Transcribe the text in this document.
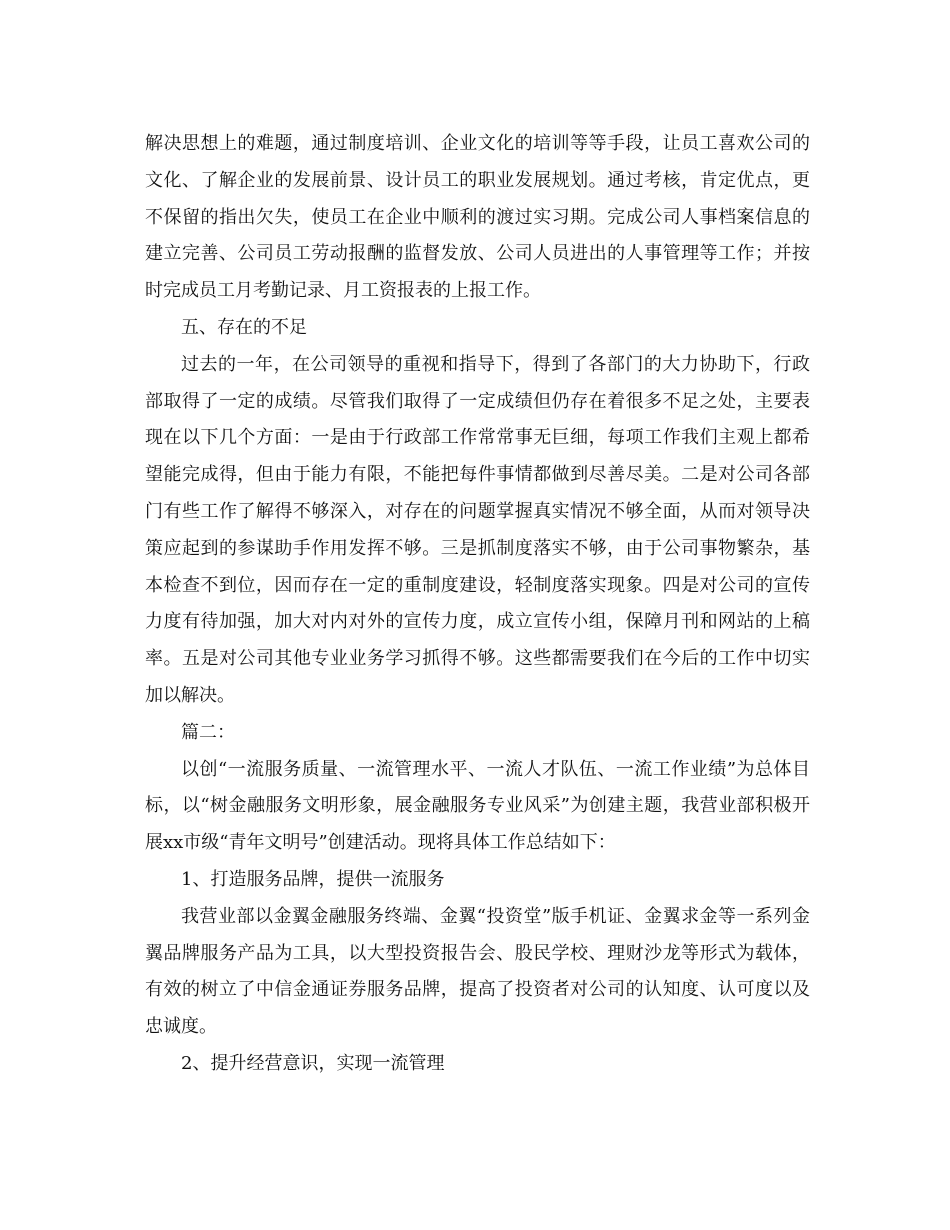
解决思想上的难题，通过制度培训、企业文化的培训等等手段，让员工喜欢公司的文化、了解企业的发展前景、设计员工的职业发展规划。通过考核，肯定优点，更不保留的指出欠失，使员工在企业中顺利的渡过实习期。完成公司人事档案信息的建立完善、公司员工劳动报酬的监督发放、公司人员进出的人事管理等工作；并按时完成员工月考勤记录、月工资报表的上报工作。

五、存在的不足

过去的一年，在公司领导的重视和指导下，得到了各部门的大力协助下，行政部取得了一定的成绩。尽管我们取得了一定成绩但仍存在着很多不足之处，主要表现在以下几个方面：一是由于行政部工作常常事无巨细，每项工作我们主观上都希望能完成得，但由于能力有限，不能把每件事情都做到尽善尽美。二是对公司各部门有些工作了解得不够深入，对存在的问题掌握真实情况不够全面，从而对领导决策应起到的参谋助手作用发挥不够。三是抓制度落实不够，由于公司事物繁杂，基本检查不到位，因而存在一定的重制度建设，轻制度落实现象。四是对公司的宣传力度有待加强，加大对内对外的宣传力度，成立宣传小组，保障月刊和网站的上稿率。五是对公司其他专业业务学习抓得不够。这些都需要我们在今后的工作中切实加以解决。

篇二：

以创“一流服务质量、一流管理水平、一流人才队伍、一流工作业绩”为总体目标，以“树金融服务文明形象，展金融服务专业风采”为创建主题，我营业部积极开展xx市级“青年文明号”创建活动。现将具体工作总结如下：

1、打造服务品牌，提供一流服务

我营业部以金翼金融服务终端、金翼“投资堂”版手机证、金翼求金等一系列金翼品牌服务产品为工具，以大型投资报告会、股民学校、理财沙龙等形式为载体，有效的树立了中信金通证券服务品牌，提高了投资者对公司的认知度、认可度以及忠诚度。

2、提升经营意识，实现一流管理
